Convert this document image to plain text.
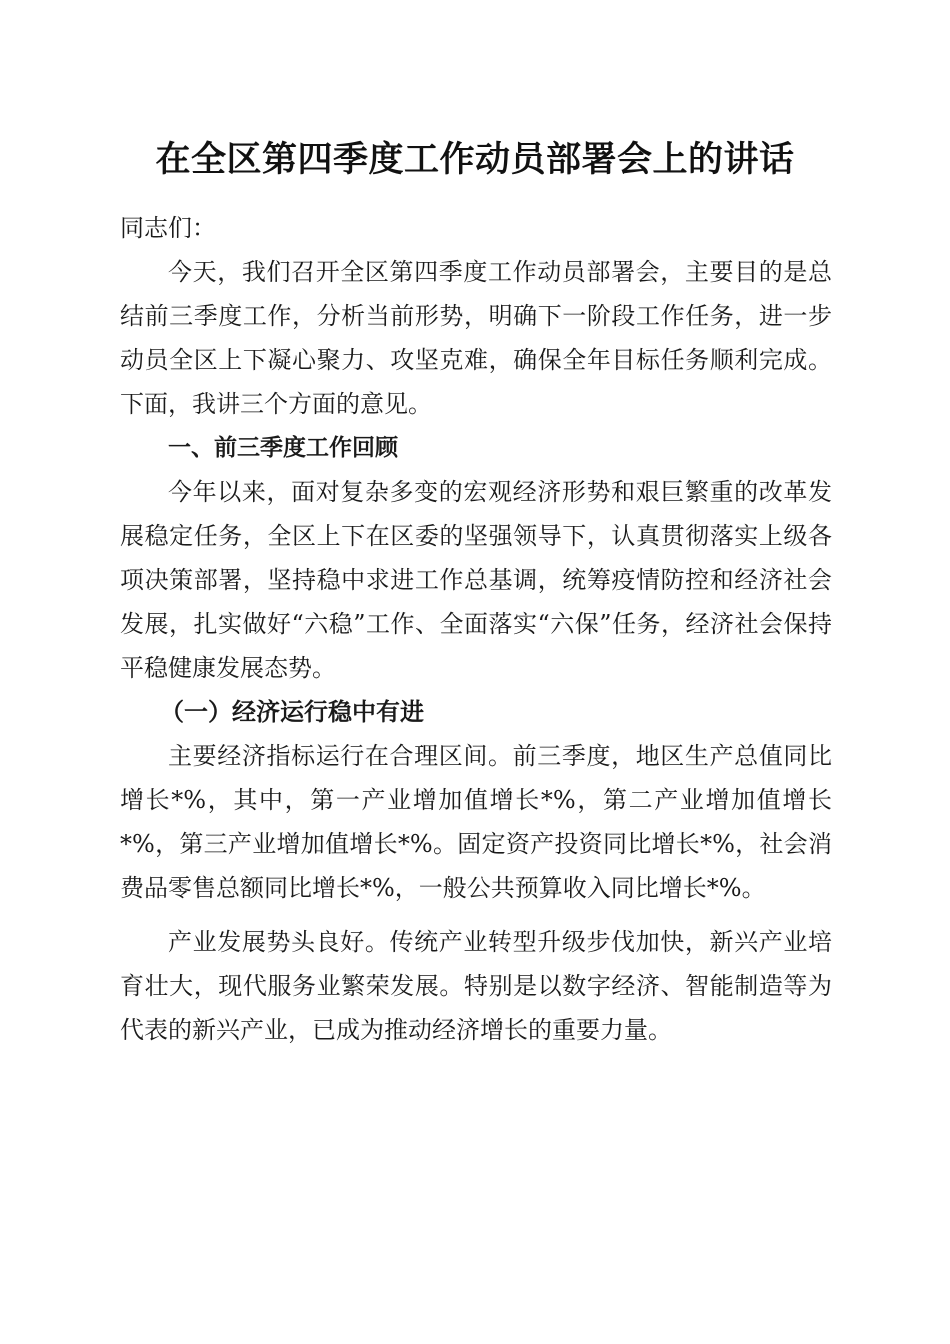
在全区第四季度工作动员部署会上的讲话

同志们：

今天，我们召开全区第四季度工作动员部署会，主要目的是总结前三季度工作，分析当前形势，明确下一阶段工作任务，进一步动员全区上下凝心聚力、攻坚克难，确保全年目标任务顺利完成。下面，我讲三个方面的意见。

一、前三季度工作回顾

今年以来，面对复杂多变的宏观经济形势和艰巨繁重的改革发展稳定任务，全区上下在区委的坚强领导下，认真贯彻落实上级各项决策部署，坚持稳中求进工作总基调，统筹疫情防控和经济社会发展，扎实做好“六稳”工作、全面落实“六保”任务，经济社会保持平稳健康发展态势。

（一）经济运行稳中有进

主要经济指标运行在合理区间。前三季度，地区生产总值同比增长*%，其中，第一产业增加值增长*%，第二产业增加值增长*%，第三产业增加值增长*%。固定资产投资同比增长*%，社会消费品零售总额同比增长*%，一般公共预算收入同比增长*%。

产业发展势头良好。传统产业转型升级步伐加快，新兴产业培育壮大，现代服务业繁荣发展。特别是以数字经济、智能制造等为代表的新兴产业，已成为推动经济增长的重要力量。
